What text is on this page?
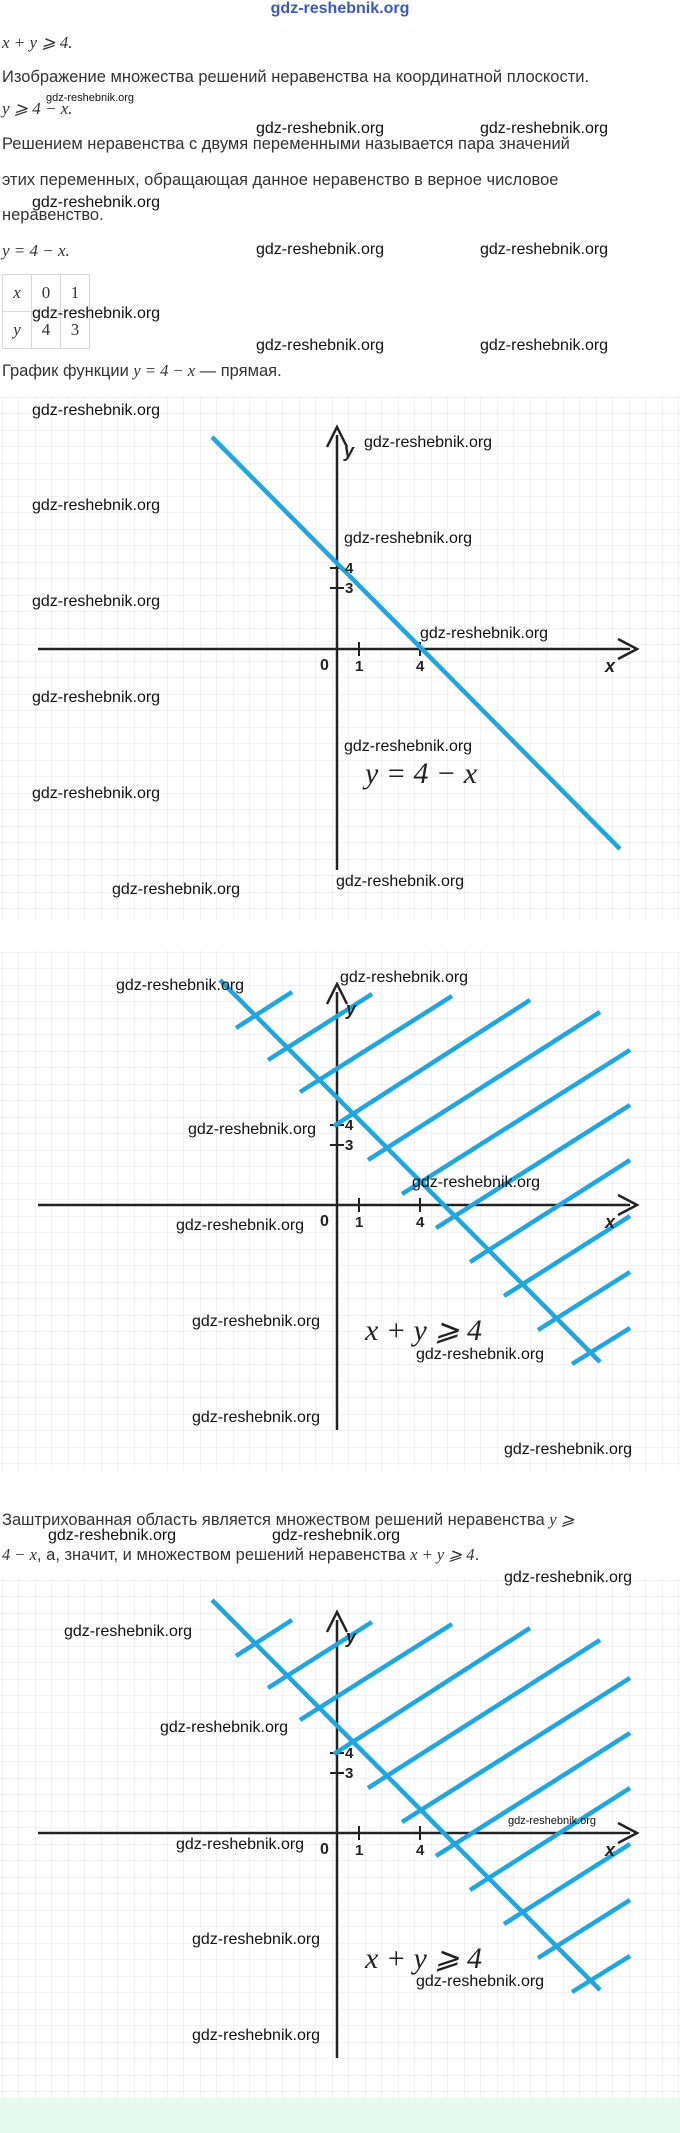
gdz-reshebnik.org
x + y ⩾ 4.
Изображение множества решений неравенства на координатной плоскости.
y ⩾ 4 − x.
Решением неравенства с двумя переменными называется пара значений
этих переменных, обращающая данное неравенство в верное числовое
неравенство.
y = 4 − x.
x	0	1
y	4	3
График функции y = 4 − x — прямая.
y
x
0 1	4
4
3
y = 4 − x
y
x
0 1	4
4
3
x + y ⩾ 4
Заштрихованная область является множеством решений неравенства y ⩾
4 − x, а, значит, и множеством решений неравенства x + y ⩾ 4.
y
x
0 1	4
4
3
x + y ⩾ 4
gdz-reshebnik.org
gdz-reshebnik.org	gdz-reshebnik.org
gdz-reshebnik.org
gdz-reshebnik.org	gdz-reshebnik.org
gdz-reshebnik.org
gdz-reshebnik.org	gdz-reshebnik.org
gdz-reshebnik.org
gdz-reshebnik.org
gdz-reshebnik.org
gdz-reshebnik.org
gdz-reshebnik.org
gdz-reshebnik.org
gdz-reshebnik.org
gdz-reshebnik.org
gdz-reshebnik.org
gdz-reshebnik.org	gdz-reshebnik.org
gdz-reshebnik.org	gdz-reshebnik.org
gdz-reshebnik.org
gdz-reshebnik.org
gdz-reshebnik.org
gdz-reshebnik.org
gdz-reshebnik.org
gdz-reshebnik.org
gdz-reshebnik.org
gdz-reshebnik.org	gdz-reshebnik.org
gdz-reshebnik.org
gdz-reshebnik.org
gdz-reshebnik.org
gdz-reshebnik.org
gdz-reshebnik.org
gdz-reshebnik.org
gdz-reshebnik.org
gdz-reshebnik.org
